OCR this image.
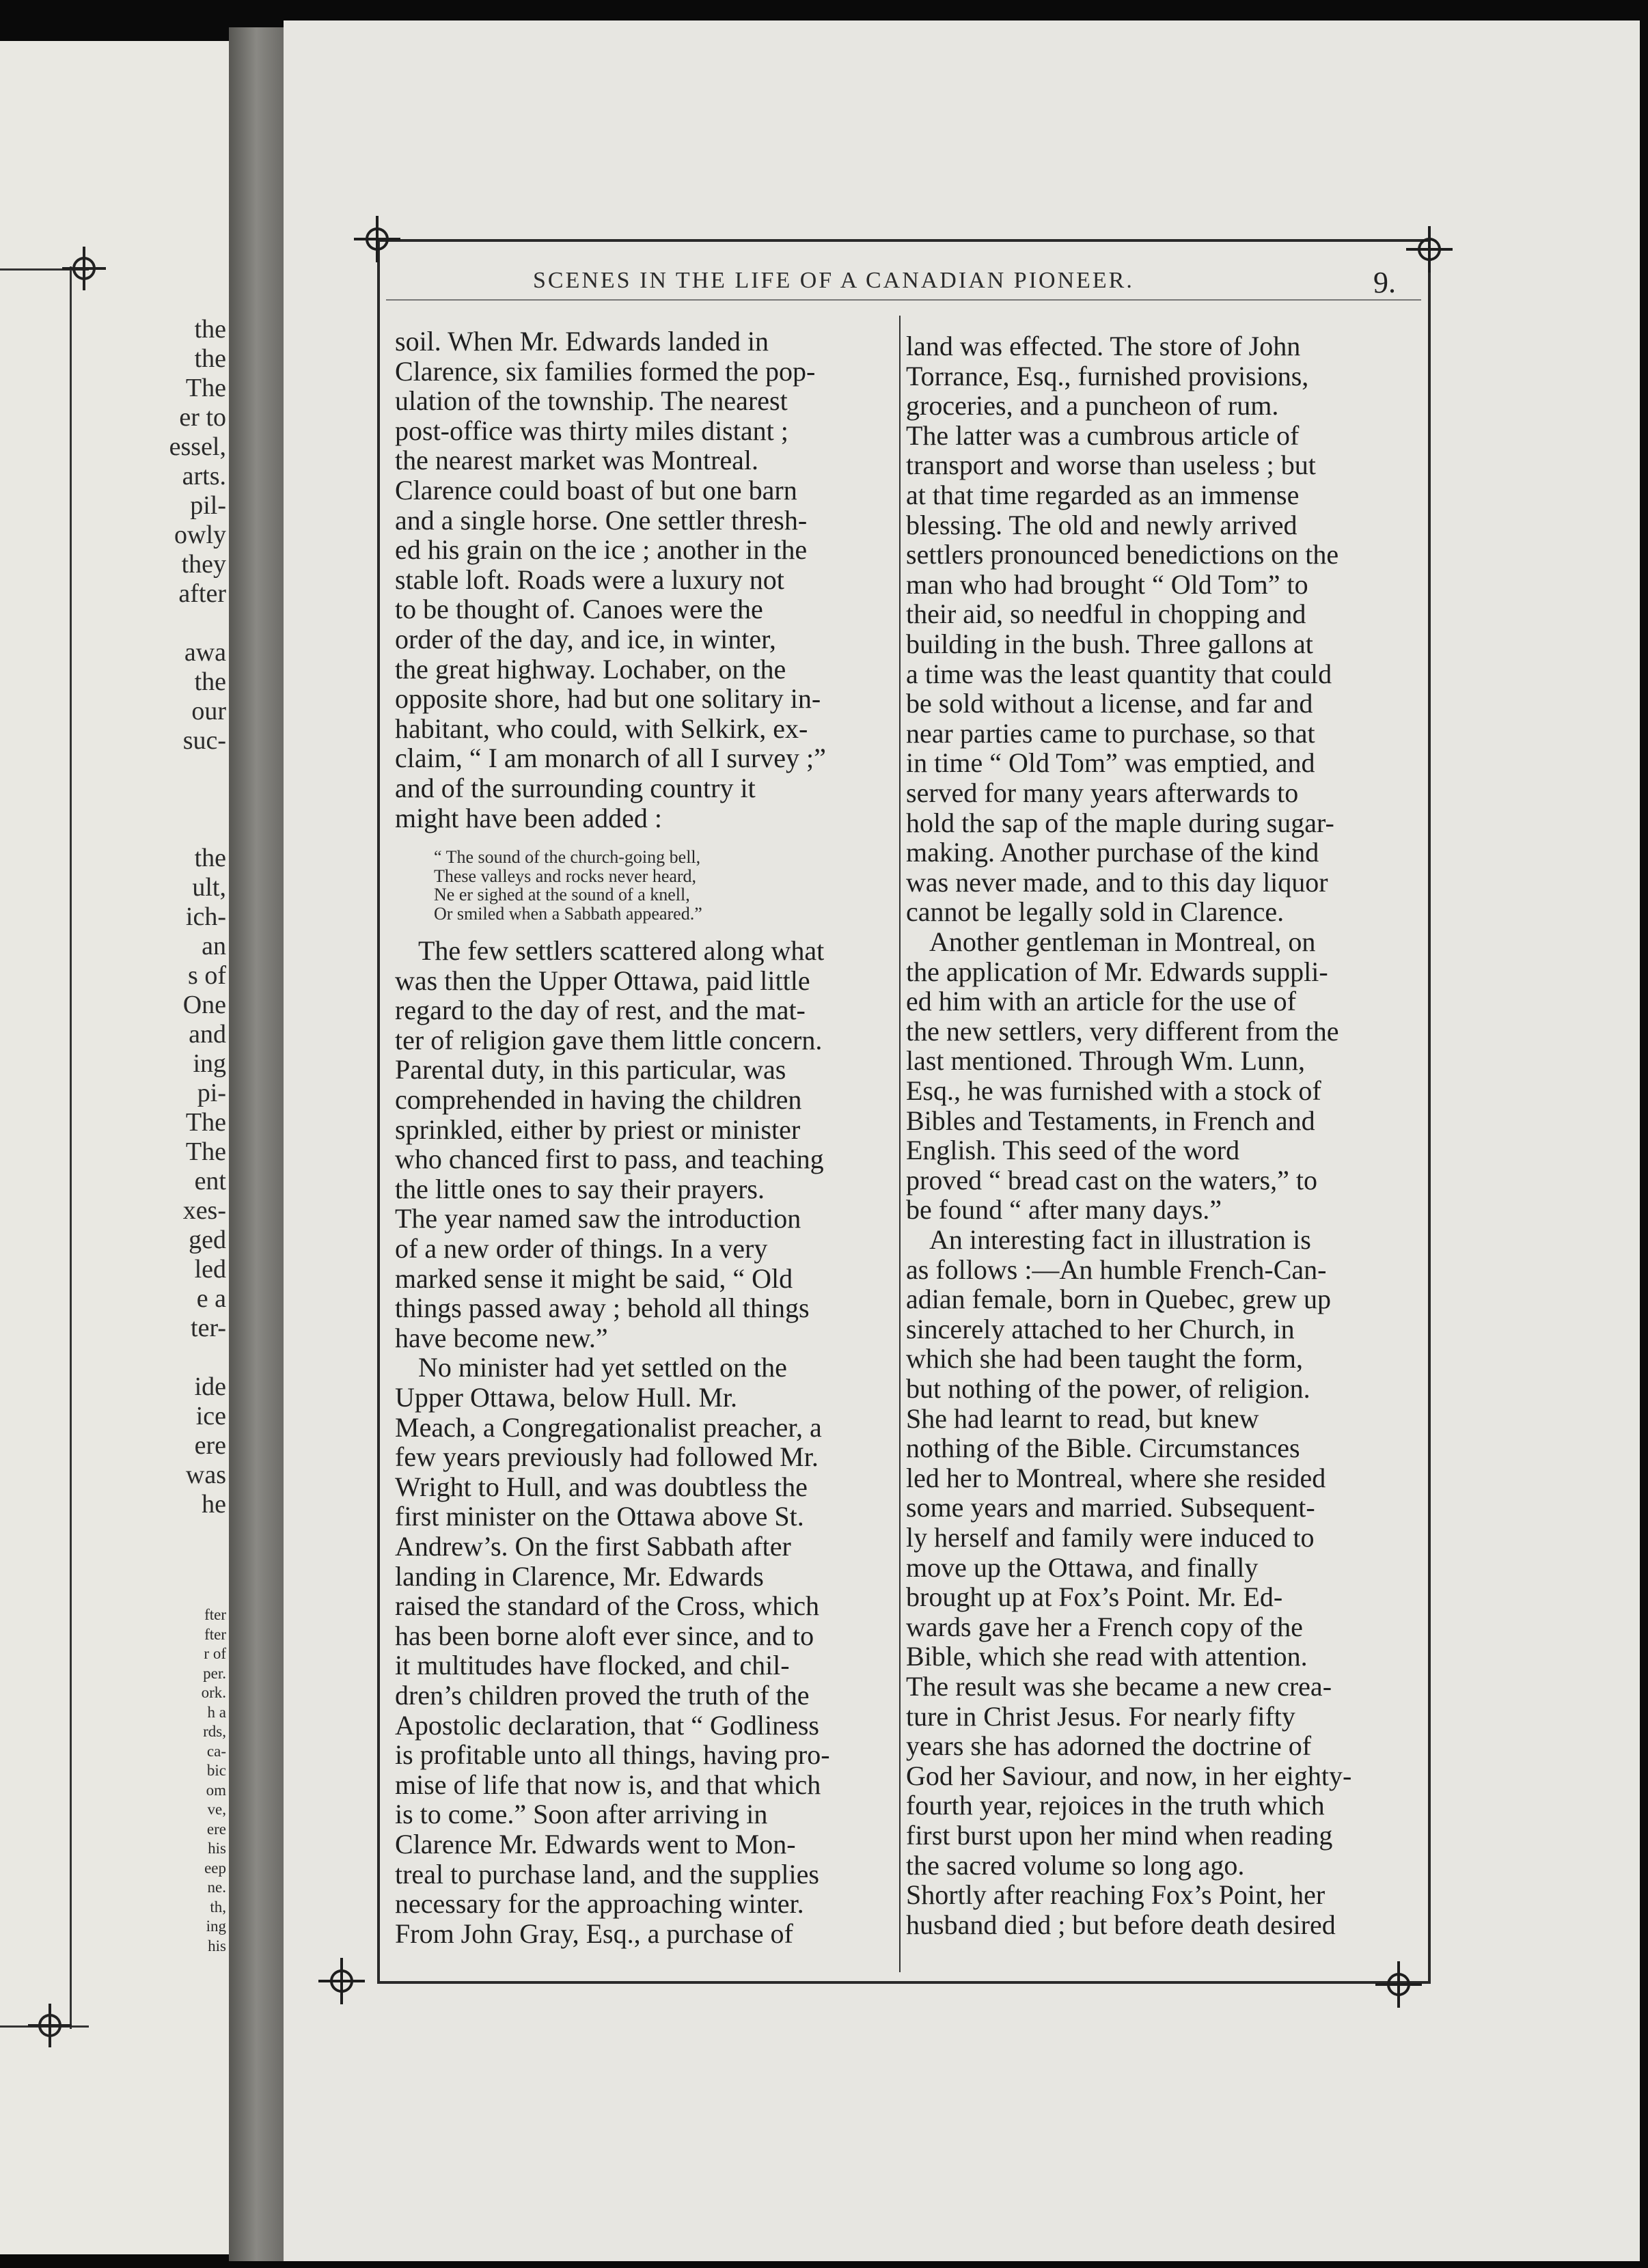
the
the
The
er to
essel,
arts.
pil-
owly
they
after
awa
the
our
suc-
the
ult,
ich-
an
s of
One
and
ing
pi-
The
The
ent
xes-
ged
led
e a
ter-
ide
ice
ere
was
he
fter
fter
r of
per.
ork.
h a
rds,
ca-
bic
om
ve,
ere
his
eep
ne.
th,
ing
his
SCENES IN THE LIFE OF A CANADIAN PIONEER.	9.
soil. When Mr. Edwards landed in
Clarence, six families formed the pop-
ulation of the township. The nearest
post-office was thirty miles distant ;
the nearest market was Montreal.
Clarence could boast of but one barn
and a single horse. One settler thresh-
ed his grain on the ice ; another in the
stable loft. Roads were a luxury not
to be thought of. Canoes were the
order of the day, and ice, in winter,
the great highway. Lochaber, on the
opposite shore, had but one solitary in-
habitant, who could, with Selkirk, ex-
claim, “ I am monarch of all I survey ;”
and of the surrounding country it
might have been added :
“ The sound of the church-going bell,
These valleys and rocks never heard,
Ne er sighed at the sound of a knell,
Or smiled when a Sabbath appeared.”
The few settlers scattered along what
was then the Upper Ottawa, paid little
regard to the day of rest, and the mat-
ter of religion gave them little concern.
Parental duty, in this particular, was
comprehended in having the children
sprinkled, either by priest or minister
who chanced first to pass, and teaching
the little ones to say their prayers.
The year named saw the introduction
of a new order of things. In a very
marked sense it might be said, “ Old
things passed away ; behold all things
have become new.”
No minister had yet settled on the
Upper Ottawa, below Hull. Mr.
Meach, a Congregationalist preacher, a
few years previously had followed Mr.
Wright to Hull, and was doubtless the
first minister on the Ottawa above St.
Andrew’s. On the first Sabbath after
landing in Clarence, Mr. Edwards
raised the standard of the Cross, which
has been borne aloft ever since, and to
it multitudes have flocked, and chil-
dren’s children proved the truth of the
Apostolic declaration, that “ Godliness
is profitable unto all things, having pro-
mise of life that now is, and that which
is to come.” Soon after arriving in
Clarence Mr. Edwards went to Mon-
treal to purchase land, and the supplies
necessary for the approaching winter.
From John Gray, Esq., a purchase of
land was effected. The store of John
Torrance, Esq., furnished provisions,
groceries, and a puncheon of rum.
The latter was a cumbrous article of
transport and worse than useless ; but
at that time regarded as an immense
blessing. The old and newly arrived
settlers pronounced benedictions on the
man who had brought “ Old Tom” to
their aid, so needful in chopping and
building in the bush. Three gallons at
a time was the least quantity that could
be sold without a license, and far and
near parties came to purchase, so that
in time “ Old Tom” was emptied, and
served for many years afterwards to
hold the sap of the maple during sugar-
making. Another purchase of the kind
was never made, and to this day liquor
cannot be legally sold in Clarence.
Another gentleman in Montreal, on
the application of Mr. Edwards suppli-
ed him with an article for the use of
the new settlers, very different from the
last mentioned. Through Wm. Lunn,
Esq., he was furnished with a stock of
Bibles and Testaments, in French and
English. This seed of the word
proved “ bread cast on the waters,” to
be found “ after many days.”
An interesting fact in illustration is
as follows :—An humble French-Can-
adian female, born in Quebec, grew up
sincerely attached to her Church, in
which she had been taught the form,
but nothing of the power, of religion.
She had learnt to read, but knew
nothing of the Bible. Circumstances
led her to Montreal, where she resided
some years and married. Subsequent-
ly herself and family were induced to
move up the Ottawa, and finally
brought up at Fox’s Point. Mr. Ed-
wards gave her a French copy of the
Bible, which she read with attention.
The result was she became a new crea-
ture in Christ Jesus. For nearly fifty
years she has adorned the doctrine of
God her Saviour, and now, in her eighty-
fourth year, rejoices in the truth which
first burst upon her mind when reading
the sacred volume so long ago.
Shortly after reaching Fox’s Point, her
husband died ; but before death desired
